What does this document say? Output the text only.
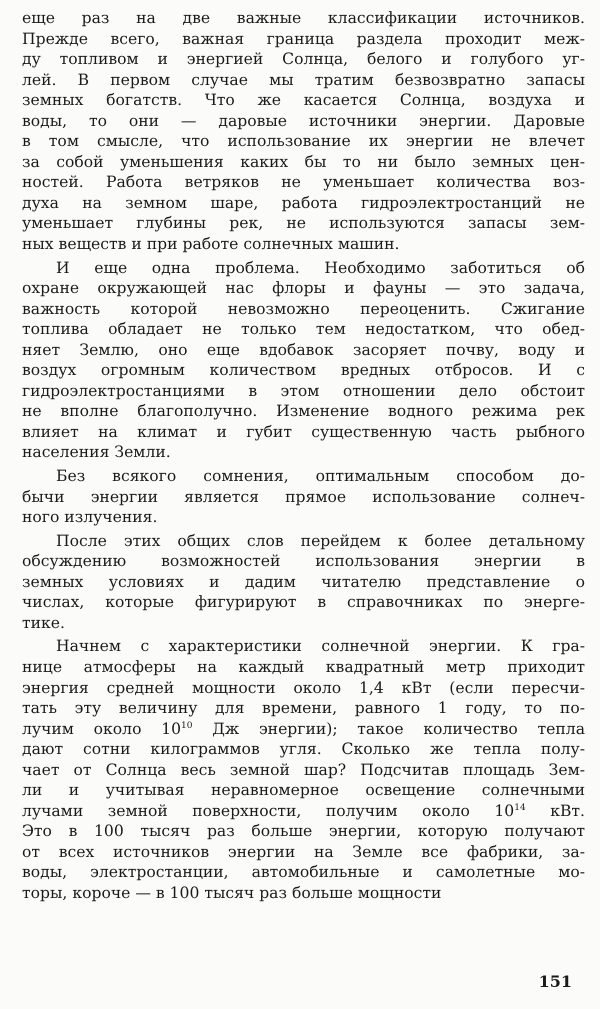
еще раз на две важные классификации источников.
Прежде всего, важная граница раздела проходит меж-
ду топливом и энергией Солнца, белого и голубого уг-
лей. В первом случае мы тратим безвозвратно запасы
земных богатств. Что же касается Солнца, воздуха и
воды, то они — даровые источники энергии. Даровые
в том смысле, что использование их энергии не влечет
за собой уменьшения каких бы то ни было земных цен-
ностей. Работа ветряков не уменьшает количества воз-
духа на земном шаре, работа гидроэлектростанций не
уменьшает глубины рек, не используются запасы зем-
ных веществ и при работе солнечных машин.
И еще одна проблема. Необходимо заботиться об
охране окружающей нас флоры и фауны — это задача,
важность которой невозможно переоценить. Сжигание
топлива обладает не только тем недостатком, что обед-
няет Землю, оно еще вдобавок засоряет почву, воду и
воздух огромным количеством вредных отбросов. И с
гидроэлектростанциями в этом отношении дело обстоит
не вполне благополучно. Изменение водного режима рек
влияет на климат и губит существенную часть рыбного
населения Земли.
Без всякого сомнения, оптимальным способом до-
бычи энергии является прямое использование солнеч-
ного излучения.
После этих общих слов перейдем к более детальному
обсуждению возможностей использования энергии в
земных условиях и дадим читателю представление о
числах, которые фигурируют в справочниках по энерге-
тике.
Начнем с характеристики солнечной энергии. К гра-
нице атмосферы на каждый квадратный метр приходит
энергия средней мощности около 1,4 кВт (если пересчи-
тать эту величину для времени, равного 1 году, то по-
лучим около $10^{10}$ Дж энергии); такое количество тепла
дают сотни килограммов угля. Сколько же тепла полу-
чает от Солнца весь земной шар? Подсчитав площадь Зем-
ли и учитывая неравномерное освещение солнечными
лучами земной поверхности, получим около $10^{14}$ кВт.
Это в 100 тысяч раз больше энергии, которую получают
от всех источников энергии на Земле все фабрики, за-
воды, электростанции, автомобильные и самолетные мо-
торы, короче — в 100 тысяч раз больше мощности
151
